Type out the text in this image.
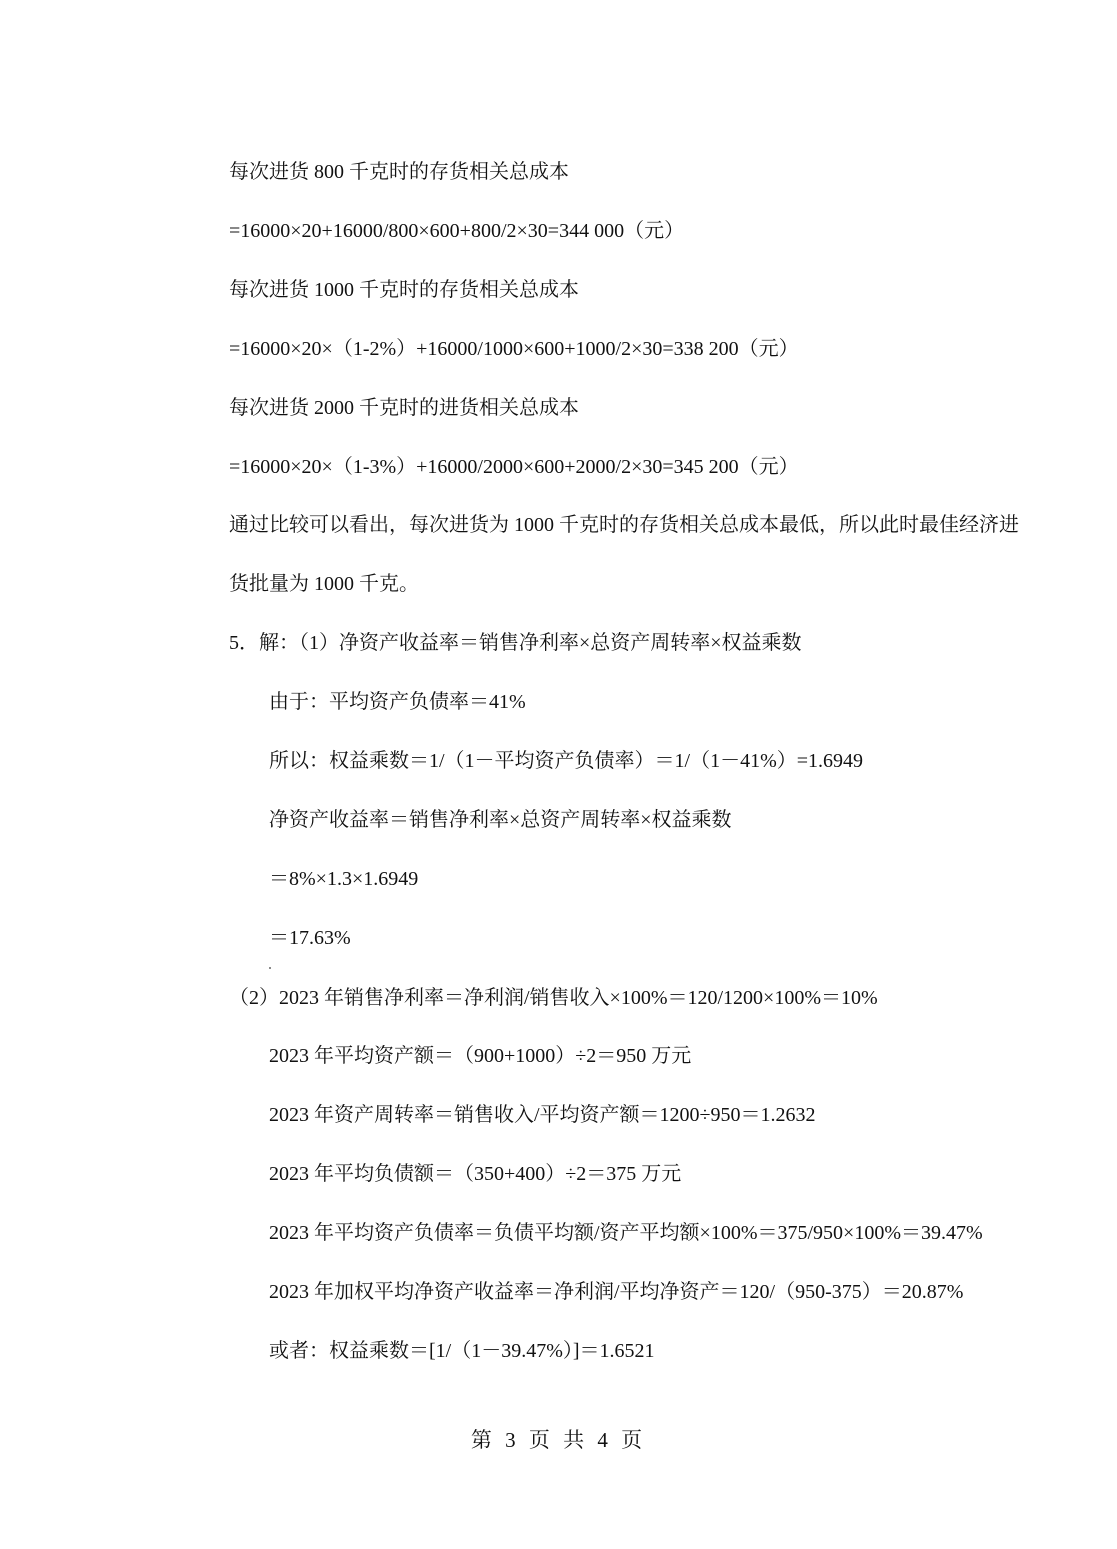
每次进货 800 千克时的存货相关总成本
=16000×20+16000/800×600+800/2×30=344 000（元）
每次进货 1000 千克时的存货相关总成本
=16000×20×（1-2%）+16000/1000×600+1000/2×30=338 200（元）
每次进货 2000 千克时的进货相关总成本
=16000×20×（1-3%）+16000/2000×600+2000/2×30=345 200（元）
通过比较可以看出，每次进货为 1000 千克时的存货相关总成本最低，所以此时最佳经济进
货批量为 1000 千克。
5．解：（1）净资产收益率＝销售净利率×总资产周转率×权益乘数
由于：平均资产负债率＝41%
所以：权益乘数＝1/（1－平均资产负债率）＝1/（1－41%）=1.6949
净资产收益率＝销售净利率×总资产周转率×权益乘数
＝8%×1.3×1.6949
＝17.63%
（2）2023 年销售净利率＝净利润/销售收入×100%＝120/1200×100%＝10%
2023 年平均资产额＝（900+1000）÷2＝950 万元
2023 年资产周转率＝销售收入/平均资产额＝1200÷950＝1.2632
2023 年平均负债额＝（350+400）÷2＝375 万元
2023 年平均资产负债率＝负债平均额/资产平均额×100%＝375/950×100%＝39.47%
2023 年加权平均净资产收益率＝净利润/平均净资产＝120/（950-375）＝20.87%
或者：权益乘数＝[1/（1－39.47%）]＝1.6521
第 3 页 共 4 页
